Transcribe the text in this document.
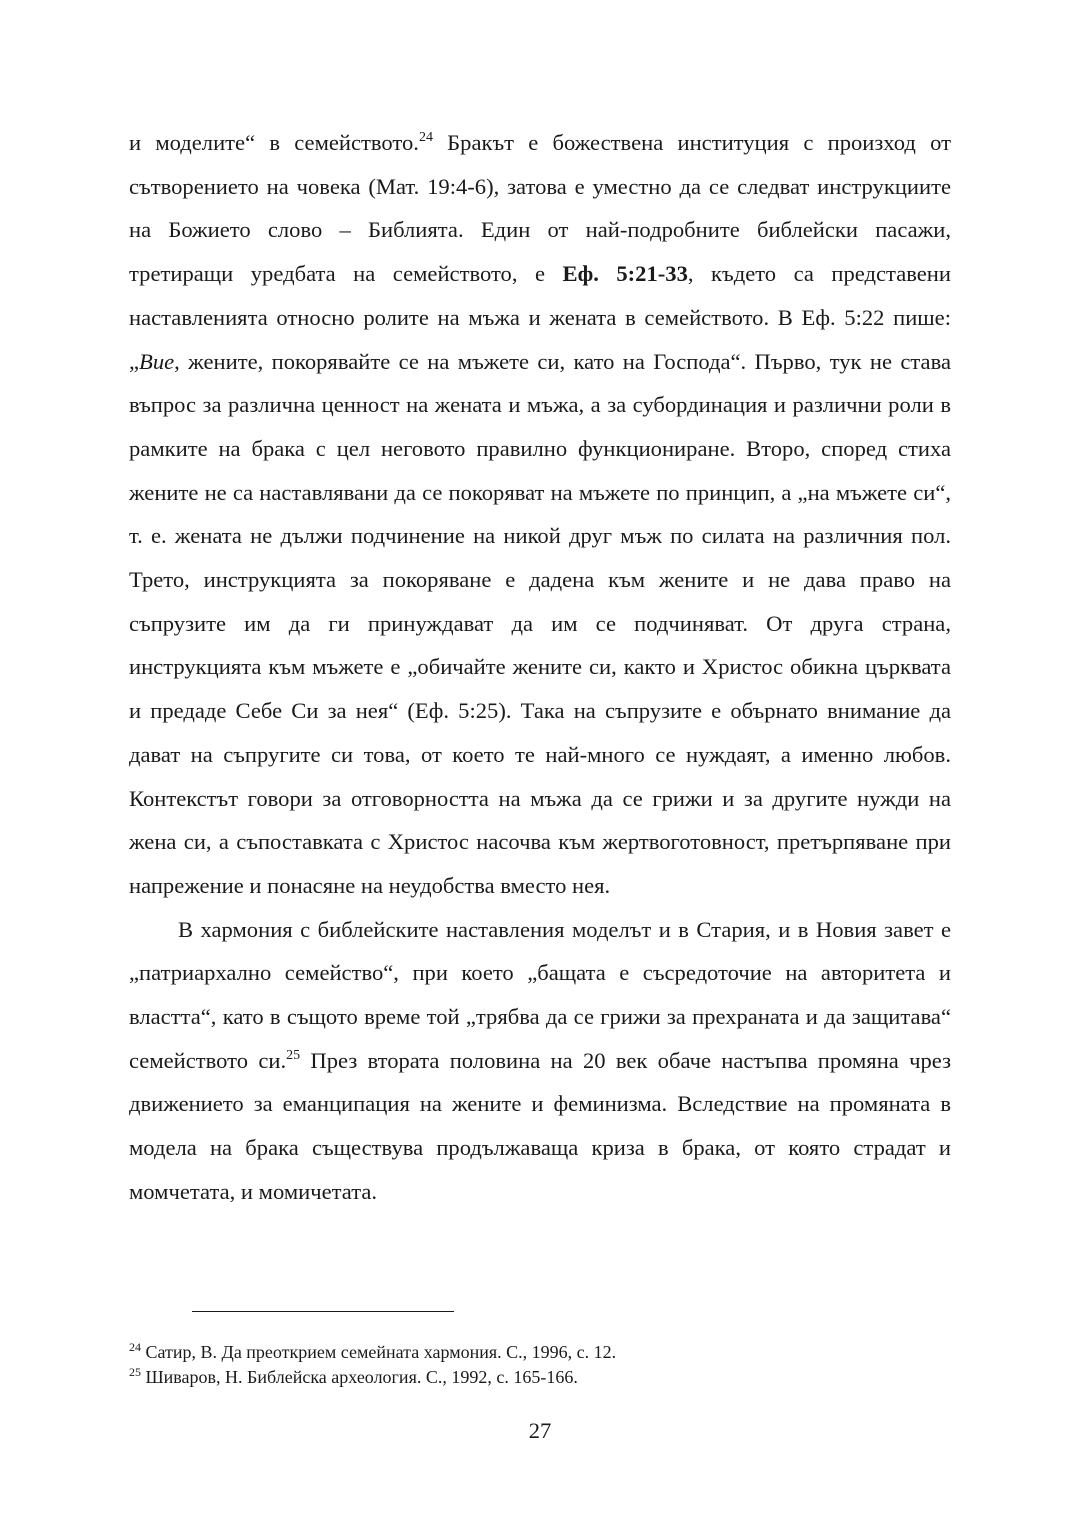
и моделите“ в семейството.$^{24}$ Бракът е божествена институция с произход от сътворението на човека (Мат. 19:4-6), затова е уместно да се следват инструкциите на Божието слово – Библията. Един от най-подробните библейски пасажи, третиращи уредбата на семейството, е Еф. 5:21-33, където са представени наставленията относно ролите на мъжа и жената в семейството. В Еф. 5:22 пише: „Вие, жените, покорявайте се на мъжете си, като на Господа“. Първо, тук не става въпрос за различна ценност на жената и мъжа, а за субординация и различни роли в рамките на брака с цел неговото правилно функциониране. Второ, според стиха жените не са наставлявани да се покоряват на мъжете по принцип, а „на мъжете си“, т. е. жената не дължи подчинение на никой друг мъж по силата на различния пол. Трето, инструкцията за покоряване е дадена към жените и не дава право на съпрузите им да ги принуждават да им се подчиняват. От друга страна, инструкцията към мъжете е „обичайте жените си, както и Христос обикна църквата и предаде Себе Си за нея“ (Еф. 5:25). Така на съпрузите е обърнато внимание да дават на съпругите си това, от което те най-много се нуждаят, а именно любов. Контекстът говори за отговорността на мъжа да се грижи и за другите нужди на жена си, а съпоставката с Христос насочва към жертвоготовност, претърпяване при напрежение и понасяне на неудобства вместо нея.

В хармония с библейските наставления моделът и в Стария, и в Новия завет е „патриархално семейство“, при което „бащата е съсредоточие на авторитета и властта“, като в същото време той „трябва да се грижи за прехраната и да защитава“ семейството си.$^{25}$ През втората половина на 20 век обаче настъпва промяна чрез движението за еманципация на жените и феминизма. Вследствие на промяната в модела на брака съществува продължаваща криза в брака, от която страдат и момчетата, и момичетата.

$^{24}$ Сатир, В. Да преоткрием семейната хармония. С., 1996, с. 12.
$^{25}$ Шиваров, Н. Библейска археология. С., 1992, с. 165-166.
27
